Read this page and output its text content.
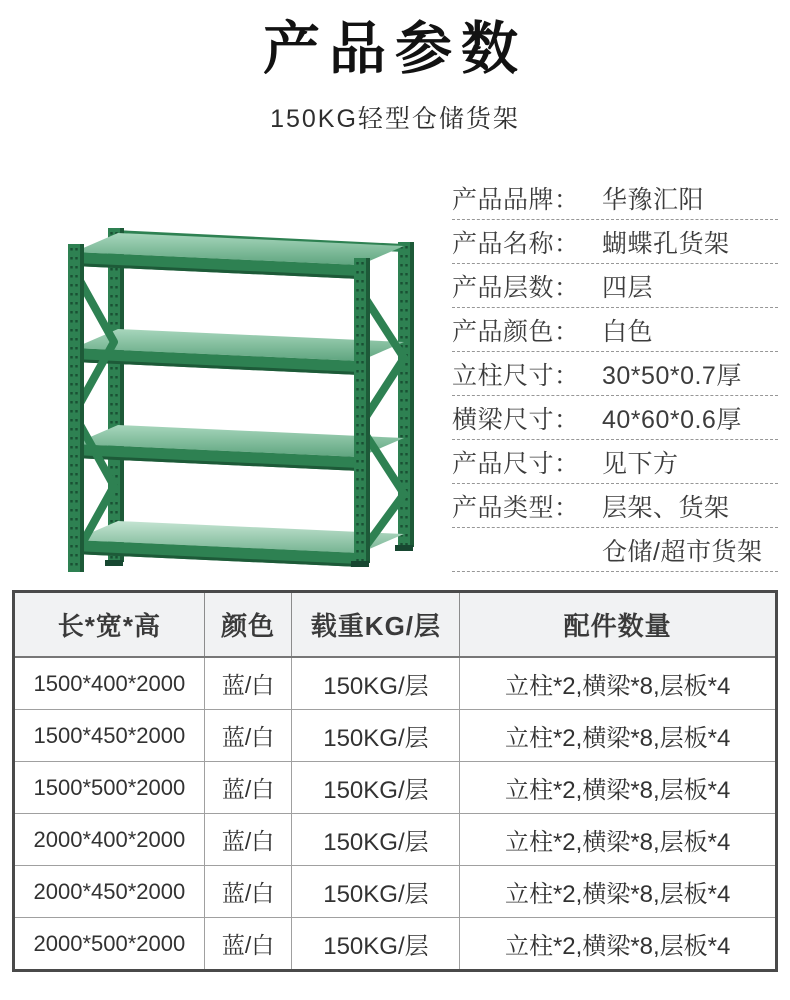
产品参数
150KG轻型仓储货架
产品品牌： 华豫汇阳
产品名称： 蝴蝶孔货架
产品层数： 四层
产品颜色： 白色
立柱尺寸： 30*50*0.7厚
横梁尺寸： 40*60*0.6厚
产品尺寸： 见下方
产品类型： 层架、货架
仓储/超市货架
长*宽*高	颜色	载重KG/层	配件数量
1500*400*2000	蓝/白	150KG/层	立柱*2,横梁*8,层板*4
1500*450*2000	蓝/白	150KG/层	立柱*2,横梁*8,层板*4
1500*500*2000	蓝/白	150KG/层	立柱*2,横梁*8,层板*4
2000*400*2000	蓝/白	150KG/层	立柱*2,横梁*8,层板*4
2000*450*2000	蓝/白	150KG/层	立柱*2,横梁*8,层板*4
2000*500*2000	蓝/白	150KG/层	立柱*2,横梁*8,层板*4
